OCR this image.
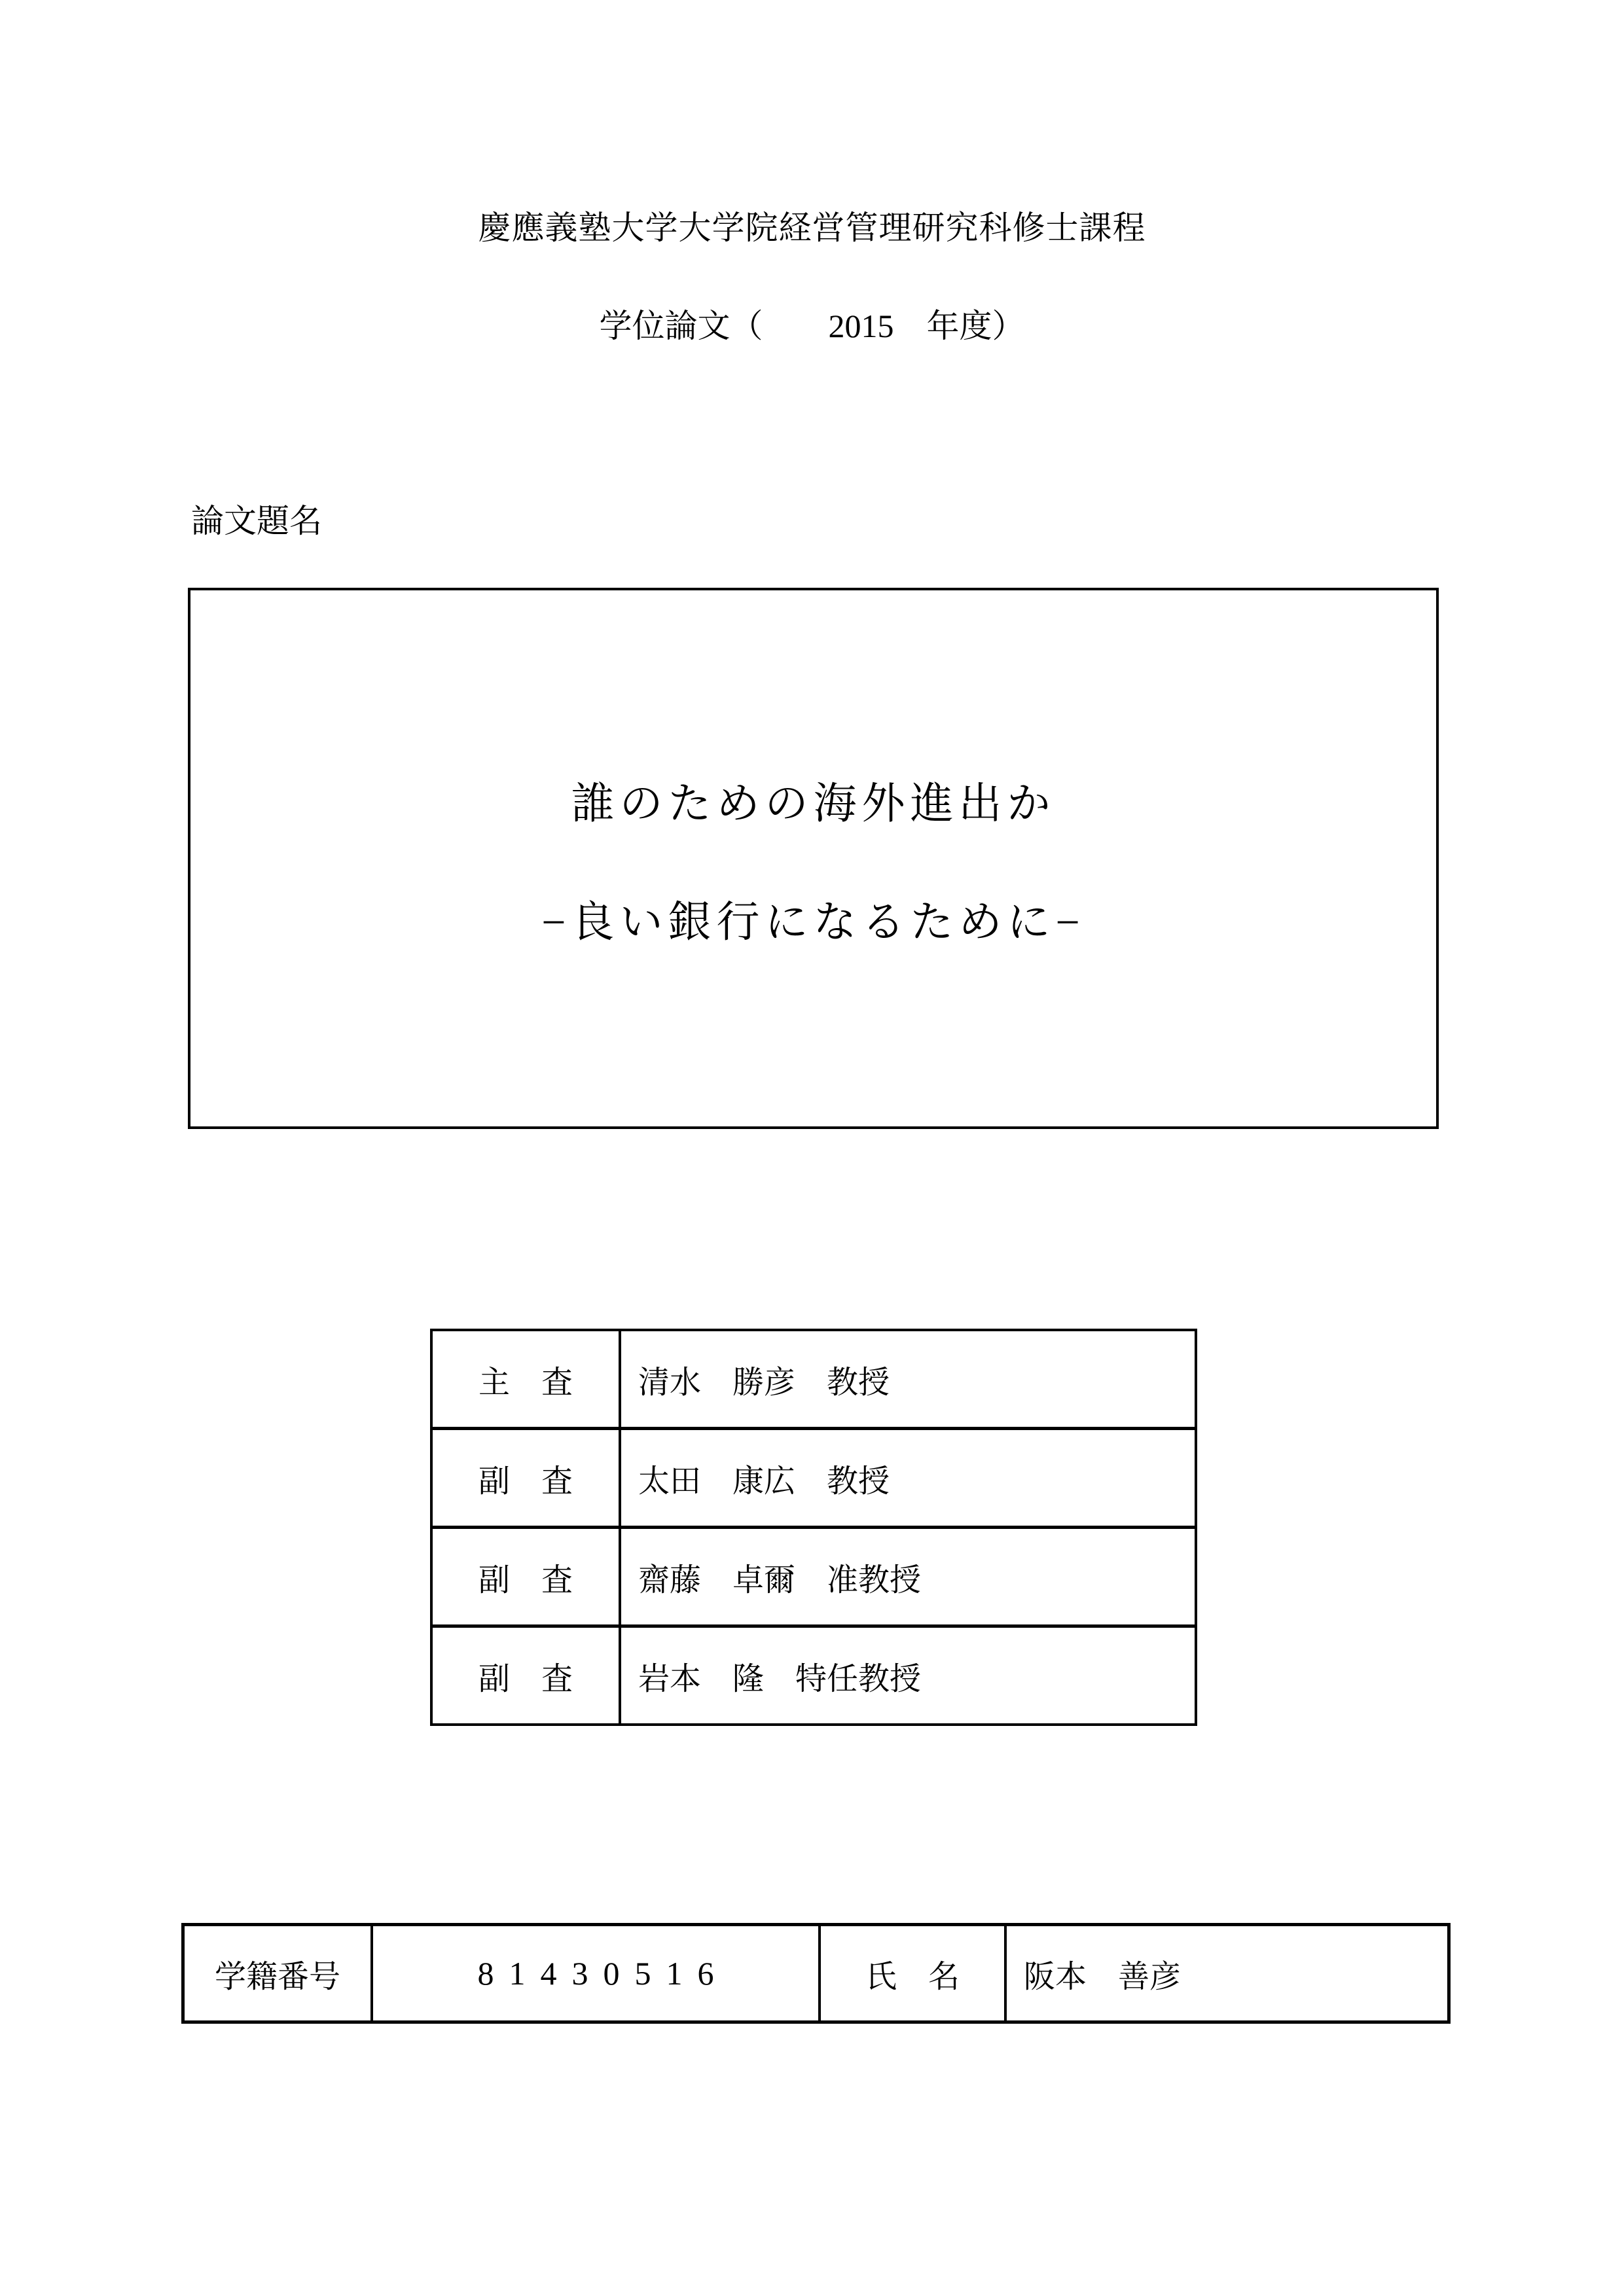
慶應義塾大学大学院経営管理研究科修士課程
学位論文（　　2015　年度）
論文題名
誰のための海外進出か
−良い銀行になるために−
主　査	清水　勝彦　教授
副　査	太田　康広　教授
副　査	齋藤　卓爾　准教授
副　査	岩本　隆　特任教授
学籍番号	81430516	氏　名	阪本　善彦
